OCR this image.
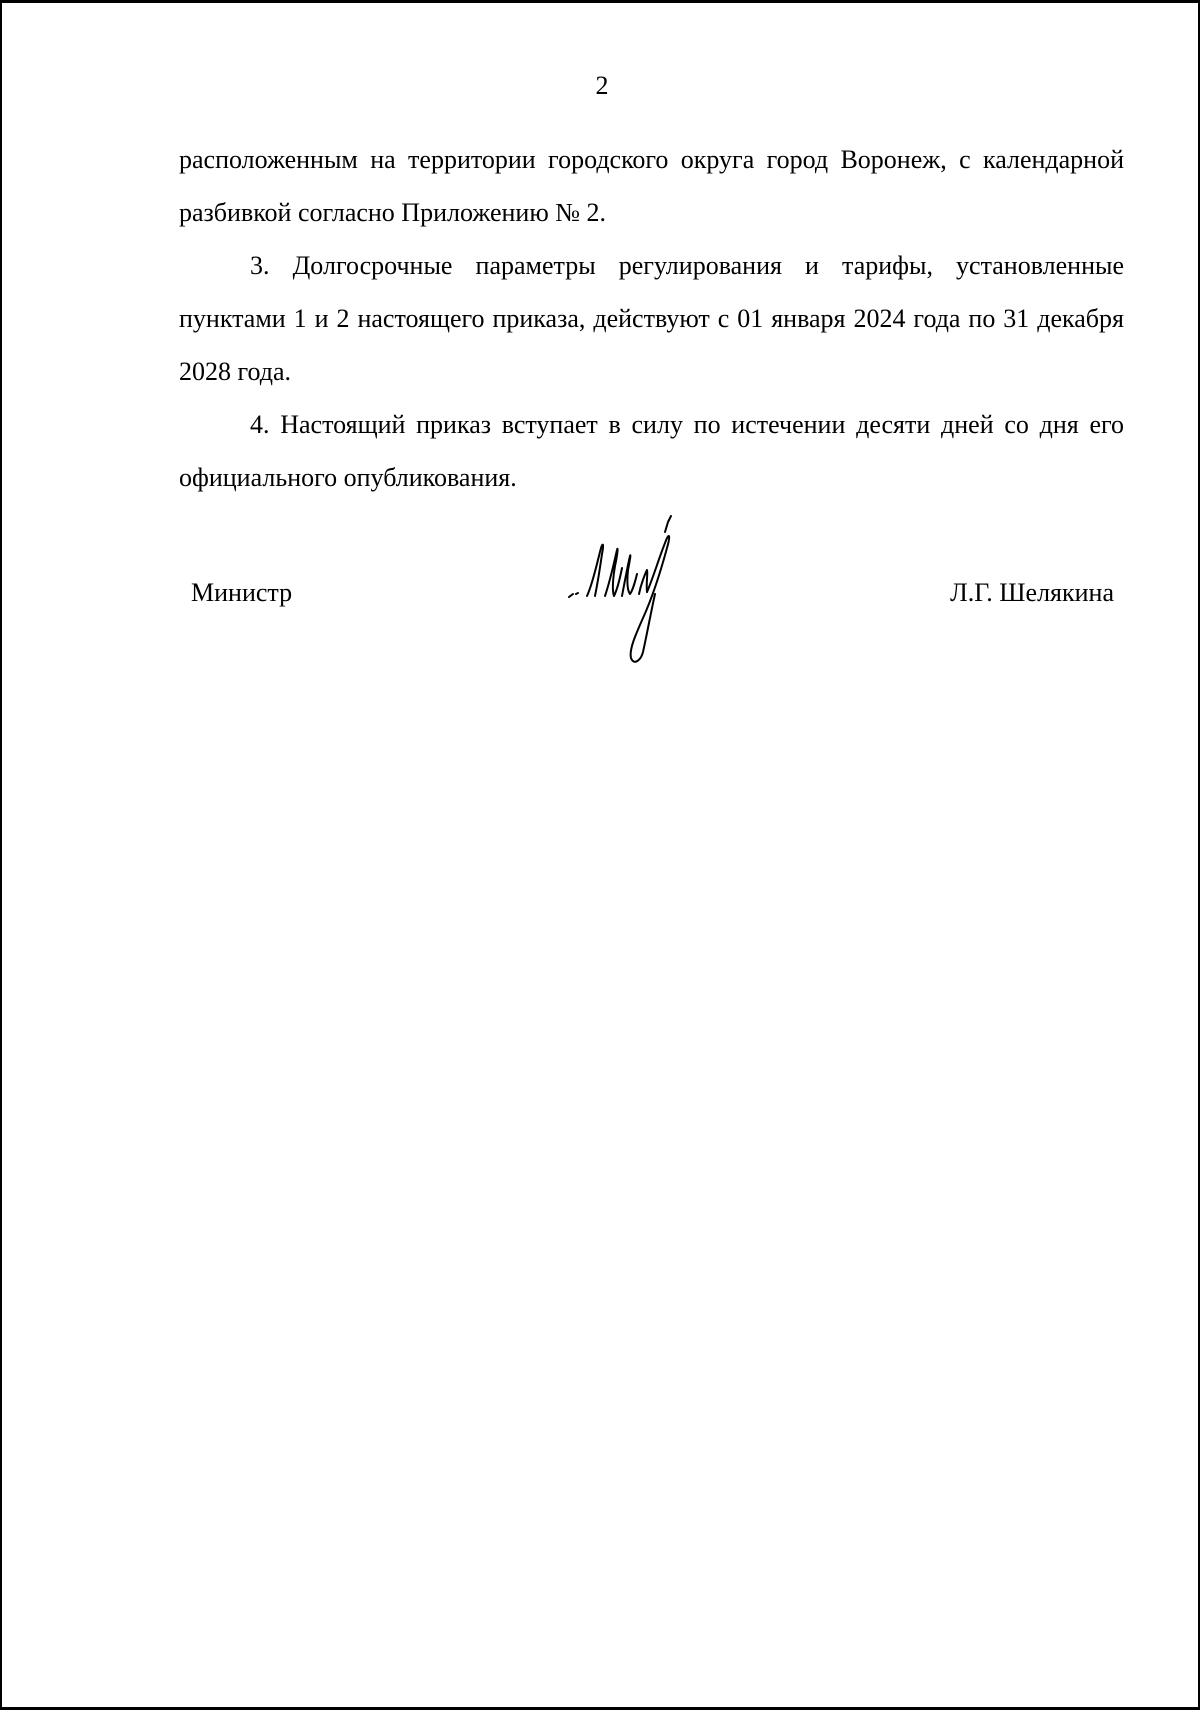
2

расположенным на территории городского округа город Воронеж, с календарной разбивкой согласно Приложению № 2.

3. Долгосрочные параметры регулирования и тарифы, установленные пунктами 1 и 2 настоящего приказа, действуют с 01 января 2024 года по 31 декабря 2028 года.

4. Настоящий приказ вступает в силу по истечении десяти дней со дня его официального опубликования.

Министр	Л.Г. Шелякина
